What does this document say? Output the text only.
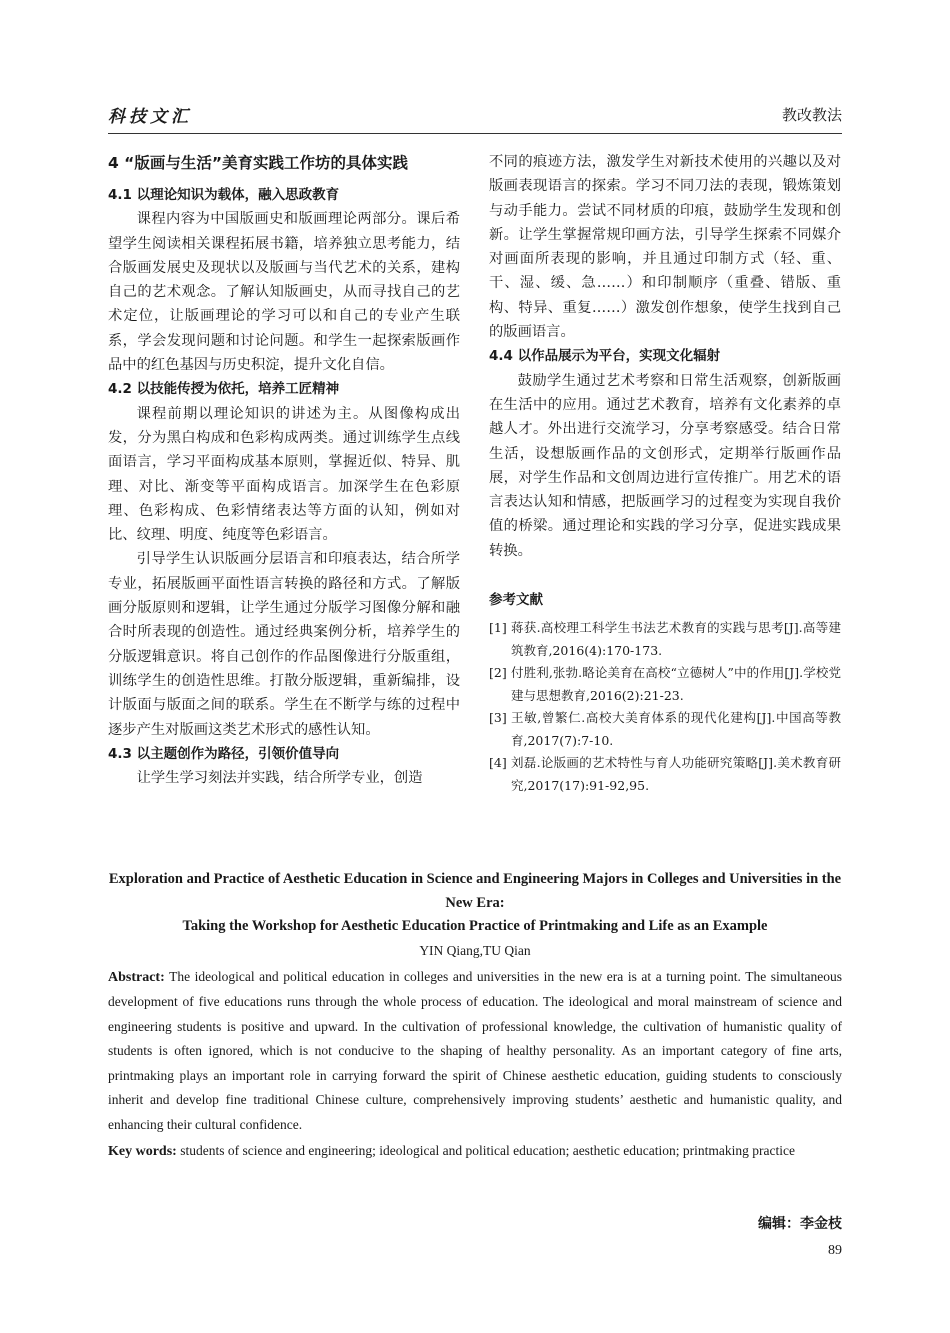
科技文汇	教改教法
4 “版画与生活”美育实践工作坊的具体实践
4.1 以理论知识为载体，融入思政教育

课程内容为中国版画史和版画理论两部分。课后希望学生阅读相关课程拓展书籍，培养独立思考能力，结合版画发展史及现状以及版画与当代艺术的关系，建构自己的艺术观念。了解认知版画史，从而寻找自己的艺术定位，让版画理论的学习可以和自己的专业产生联系，学会发现问题和讨论问题。和学生一起探索版画作品中的红色基因与历史积淀，提升文化自信。

4.2 以技能传授为依托，培养工匠精神

课程前期以理论知识的讲述为主。从图像构成出发，分为黑白构成和色彩构成两类。通过训练学生点线面语言，学习平面构成基本原则，掌握近似、特异、肌理、对比、渐变等平面构成语言。加深学生在色彩原理、色彩构成、色彩情绪表达等方面的认知，例如对比、纹理、明度、纯度等色彩语言。

引导学生认识版画分层语言和印痕表达，结合所学专业，拓展版画平面性语言转换的路径和方式。了解版画分版原则和逻辑，让学生通过分版学习图像分解和融合时所表现的创造性。通过经典案例分析，培养学生的分版逻辑意识。将自己创作的作品图像进行分版重组，训练学生的创造性思维。打散分版逻辑，重新编排，设计版面与版面之间的联系。学生在不断学与练的过程中逐步产生对版画这类艺术形式的感性认知。

4.3 以主题创作为路径，引领价值导向

让学生学习刻法并实践，结合所学专业，创造

不同的痕迹方法，激发学生对新技术使用的兴趣以及对版画表现语言的探索。学习不同刀法的表现，锻炼策划与动手能力。尝试不同材质的印痕，鼓励学生发现和创新。让学生掌握常规印画方法，引导学生探索不同媒介对画面所表现的影响，并且通过印制方式（轻、重、干、湿、缓、急……）和印制顺序（重叠、错版、重构、特异、重复……）激发创作想象，使学生找到自己的版画语言。

4.4 以作品展示为平台，实现文化辐射

鼓励学生通过艺术考察和日常生活观察，创新版画在生活中的应用。通过艺术教育，培养有文化素养的卓越人才。外出进行交流学习，分享考察感受。结合日常生活，设想版画作品的文创形式，定期举行版画作品展，对学生作品和文创周边进行宣传推广。用艺术的语言表达认知和情感，把版画学习的过程变为实现自我价值的桥梁。通过理论和实践的学习分享，促进实践成果转换。

参考文献
[1] 蒋获.高校理工科学生书法艺术教育的实践与思考[J].高等建筑教育,2016(4):170-173.
[2] 付胜利,张勃.略论美育在高校“立德树人”中的作用[J].学校党建与思想教育,2016(2):21-23.
[3] 王敏,曾繁仁.高校大美育体系的现代化建构[J].中国高等教育,2017(7):7-10.
[4] 刘磊.论版画的艺术特性与育人功能研究策略[J].美术教育研究,2017(17):91-92,95.
Exploration and Practice of Aesthetic Education in Science and Engineering Majors in Colleges and Universities in the New Era:
Taking the Workshop for Aesthetic Education Practice of Printmaking and Life as an Example
YIN Qiang,TU Qian
Abstract: The ideological and political education in colleges and universities in the new era is at a turning point. The simultaneous development of five educations runs through the whole process of education. The ideological and moral mainstream of science and engineering students is positive and upward. In the cultivation of professional knowledge, the cultivation of humanistic quality of students is often ignored, which is not conducive to the shaping of healthy personality. As an important category of fine arts, printmaking plays an important role in carrying forward the spirit of Chinese aesthetic education, guiding students to consciously inherit and develop fine traditional Chinese culture, comprehensively improving students’ aesthetic and humanistic quality, and enhancing their cultural confidence.
Key words: students of science and engineering; ideological and political education; aesthetic education; printmaking practice
编辑：李金枝
89
